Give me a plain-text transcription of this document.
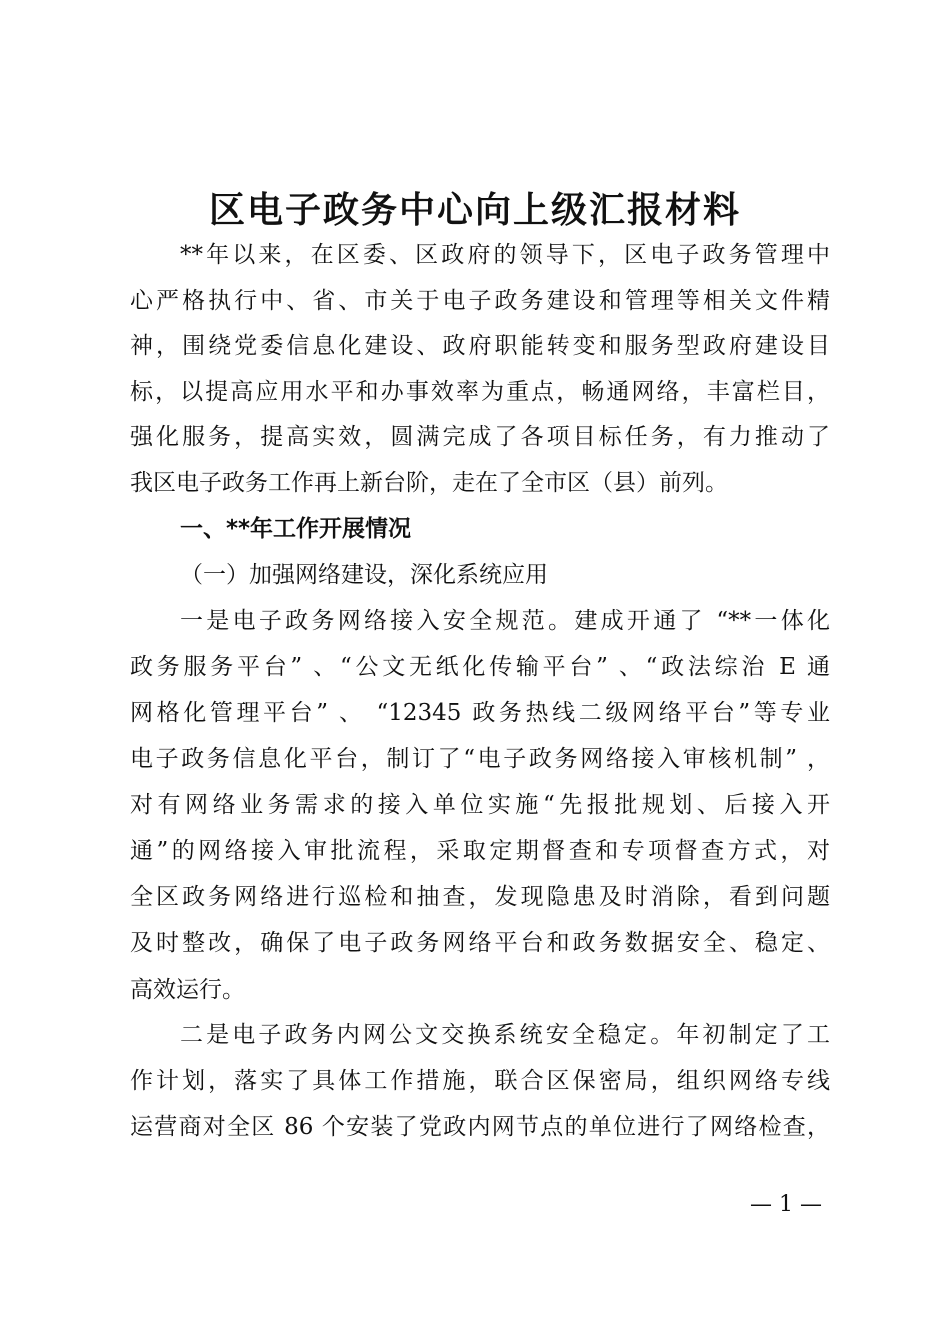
区电子政务中心向上级汇报材料
**年以来，在区委、区政府的领导下，区电子政务管理中
心严格执行中、省、市关于电子政务建设和管理等相关文件精
神，围绕党委信息化建设、政府职能转变和服务型政府建设目
标，以提高应用水平和办事效率为重点，畅通网络，丰富栏目，
强化服务，提高实效，圆满完成了各项目标任务，有力推动了
我区电子政务工作再上新台阶，走在了全市区（县）前列。
一、**年工作开展情况
（一）加强网络建设，深化系统应用
一是电子政务网络接入安全规范。建成开通了 “**一体化
政务服务平台” 、“公文无纸化传输平台” 、“政法综治 E 通
网格化管理平台” 、 “12345 政务热线二级网络平台”等专业
电子政务信息化平台，制订了“电子政务网络接入审核机制” ，
对有网络业务需求的接入单位实施“先报批规划、后接入开
通”的网络接入审批流程，采取定期督查和专项督查方式，对
全区政务网络进行巡检和抽查，发现隐患及时消除，看到问题
及时整改，确保了电子政务网络平台和政务数据安全、稳定、
高效运行。
二是电子政务内网公文交换系统安全稳定。年初制定了工
作计划，落实了具体工作措施，联合区保密局，组织网络专线
运营商对全区 86 个安装了党政内网节点的单位进行了网络检查，
— 1 —
